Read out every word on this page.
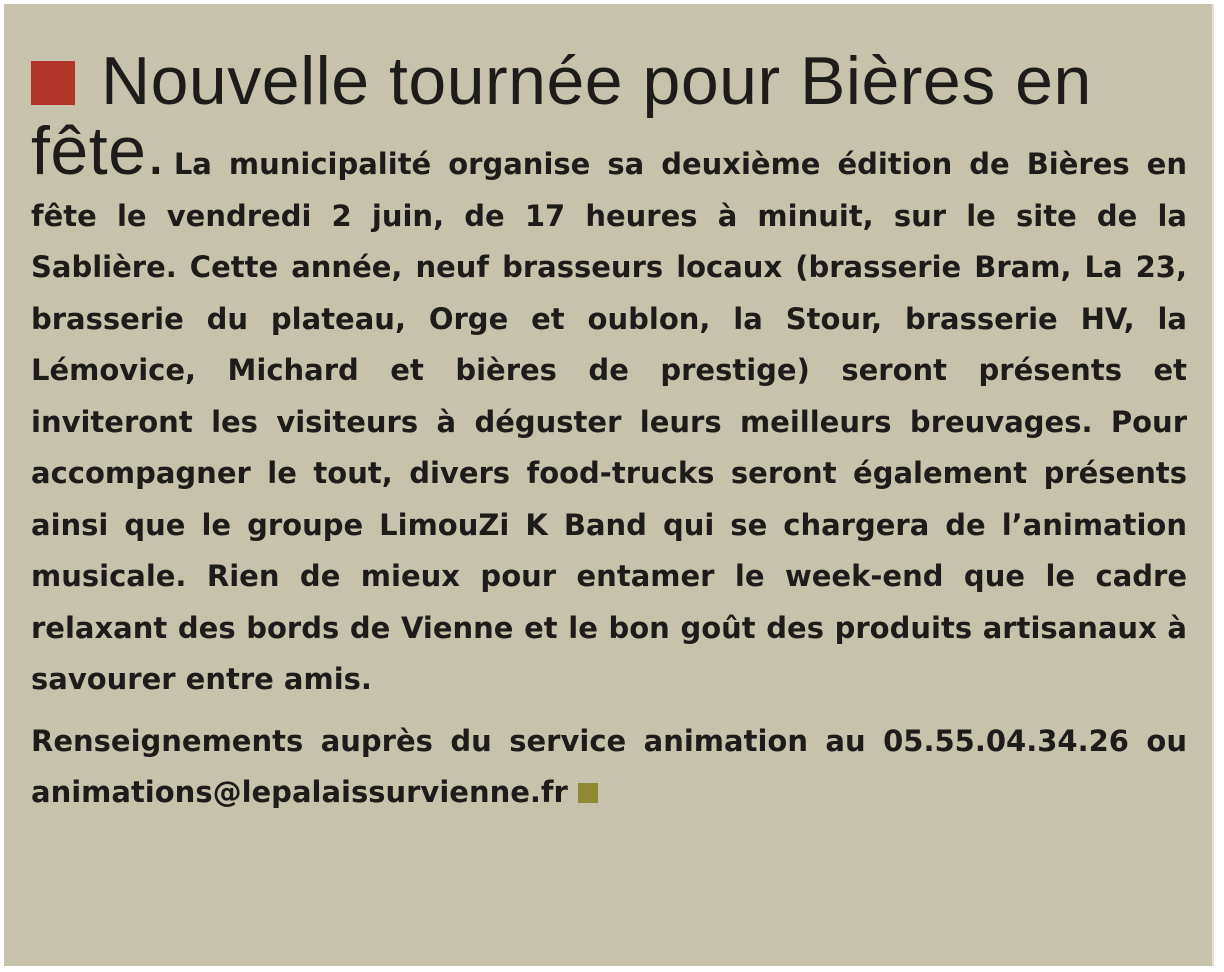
Nouvelle tournée pour Bières en

fête. La municipalité organise sa deuxième édition de Bières en fête le vendredi 2 juin, de 17 heures à minuit, sur le site de la Sablière. Cette année, neuf brasseurs locaux (brasserie Bram, La 23, brasserie du plateau, Orge et oublon, la Stour, brasserie HV, la Lémovice, Michard et bières de prestige) seront présents et inviteront les visiteurs à déguster leurs meilleurs breuvages. Pour accompagner le tout, divers food-trucks seront également présents ainsi que le groupe LimouZi K Band qui se chargera de l’animation musicale. Rien de mieux pour entamer le week-end que le cadre relaxant des bords de Vienne et le bon goût des produits artisanaux à savourer entre amis.

Renseignements auprès du service animation au 05.55.04.34.26 ou animations@lepalaissurvienne.fr
